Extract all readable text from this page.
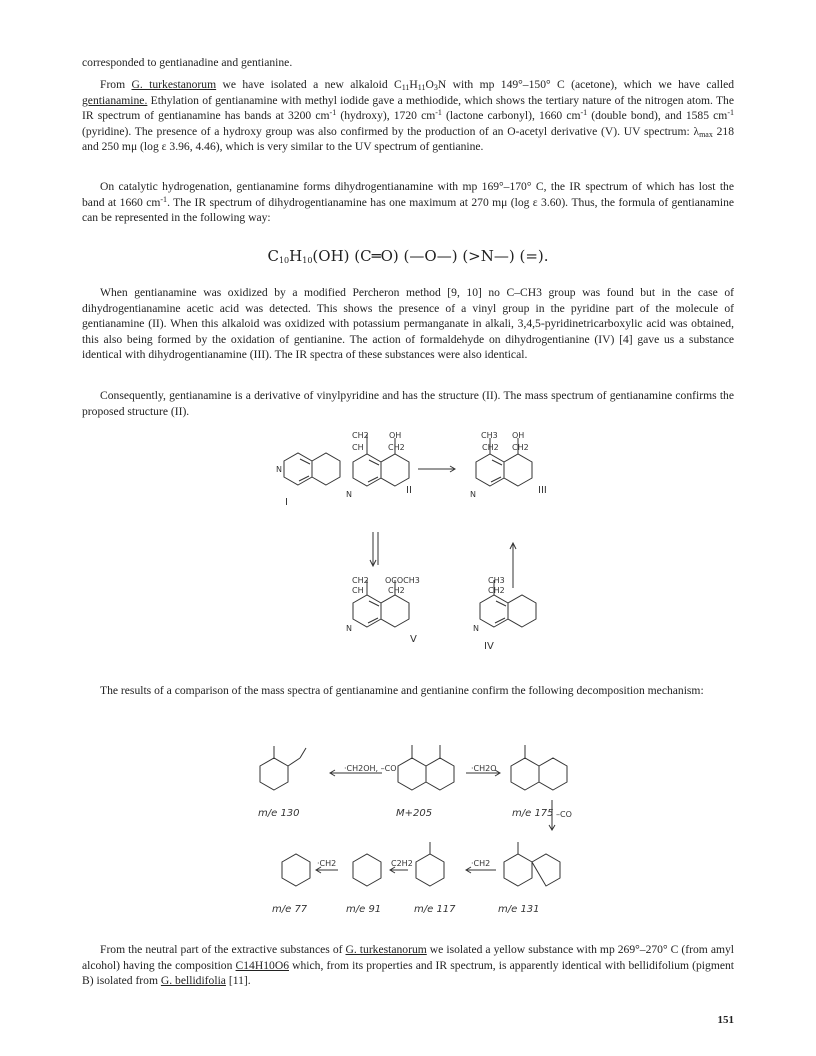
corresponded to gentianadine and gentianine.

From G. turkestanorum we have isolated a new alkaloid $C_{11}H_{11}O_3N$ with mp 149°–150° C (acetone), which we have called gentianamine. Ethylation of gentianamine with methyl iodide gave a methiodide, which shows the tertiary nature of the nitrogen atom. The IR spectrum of gentianamine has bands at 3200 $cm^{-1}$ (hydroxy), 1720 $cm^{-1}$ (lactone carbonyl), 1660 $cm^{-1}$ (double bond), and 1585 $cm^{-1}$ (pyridine). The presence of a hydroxy group was also confirmed by the production of an O-acetyl derivative (V). UV spectrum: $\lambda_{max}$ 218 and 250 mμ (log ε 3.96, 4.46), which is very similar to the UV spectrum of gentianine.

On catalytic hydrogenation, gentianamine forms dihydrogentianamine with mp 169°–170° C, the IR spectrum of which has lost the band at 1660 $cm^{-1}$. The IR spectrum of dihydrogentianamine has one maximum at 270 mμ (log ε 3.60). Thus, the formula of gentianamine can be represented in the following way:

$C_{10}H_{10}(OH)$ (C═O) (—O—) (>N—) (=).

When gentianamine was oxidized by a modified Percheron method [9, 10] no C–CH3 group was found but in the case of dihydrogentianamine acetic acid was detected. This shows the presence of a vinyl group in the pyridine part of the molecule of gentianamine (II). When this alkaloid was oxidized with potassium permanganate in alkali, 3,4,5-pyridinetricarboxylic acid was obtained, this also being formed by the oxidation of gentianine. The action of formaldehyde on dihydrogentianine (IV) [4] gave us a substance identical with dihydrogentianamine (III). The IR spectra of these substances were also identical.

Consequently, gentianamine is a derivative of vinylpyridine and has the structure (II). The mass spectrum of gentianamine confirms the proposed structure (II).

The results of a comparison of the mass spectra of gentianamine and gentianine confirm the following decomposition mechanism:

From the neutral part of the extractive substances of G. turkestanorum we isolated a yellow substance with mp 269°–270° C (from amyl alcohol) having the composition C14H10O6 which, from its properties and IR spectrum, is apparently identical with bellidifolium (pigment B) isolated from G. bellidifolia [11].

151

N
CH2	OH
CH	CH2
N
CH3 OH
CH2 CH2
N
CH2 OCOCH3
CH	CH2
N
CH3
CH2
N
I
II	III
V
IV
·CH2OH, –CO	·CH2O
–CO
·CH2	C2H2	·CH2
m/e 130	M+205	m/e 175
m/e 77	m/e 91	m/e 117	m/e 131
